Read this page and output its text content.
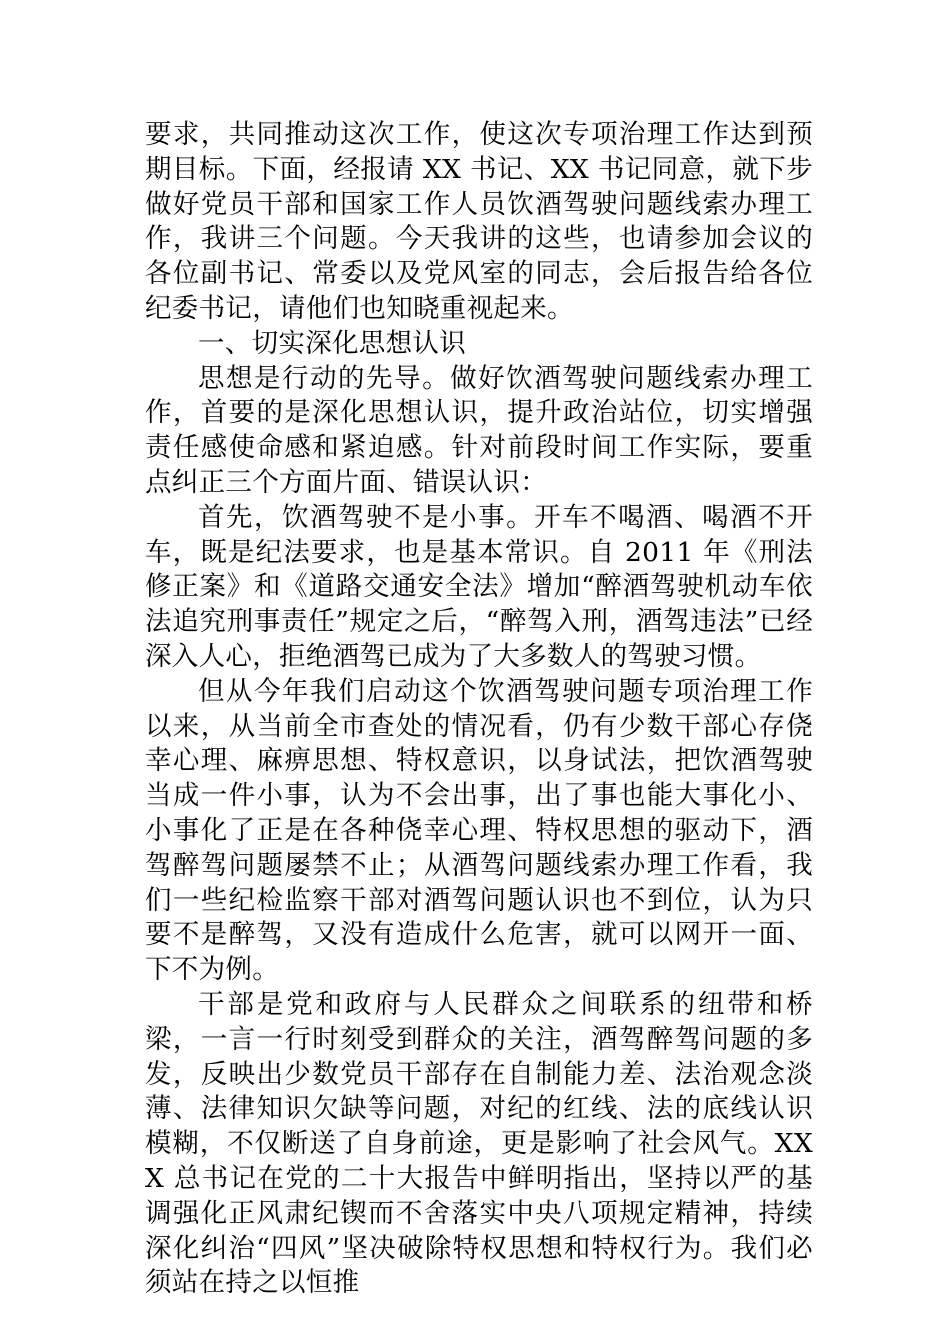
要求，共同推动这次工作，使这次专项治理工作达到预期目标。下面，经报请 XX 书记、XX 书记同意，就下步做好党员干部和国家工作人员饮酒驾驶问题线索办理工作，我讲三个问题。今天我讲的这些，也请参加会议的各位副书记、常委以及党风室的同志，会后报告给各位纪委书记，请他们也知晓重视起来。

一、切实深化思想认识

思想是行动的先导。做好饮酒驾驶问题线索办理工作，首要的是深化思想认识，提升政治站位，切实增强责任感使命感和紧迫感。针对前段时间工作实际，要重点纠正三个方面片面、错误认识：

首先，饮酒驾驶不是小事。开车不喝酒、喝酒不开车，既是纪法要求，也是基本常识。自 2011 年《刑法修正案》和《道路交通安全法》增加“醉酒驾驶机动车依法追究刑事责任”规定之后，“醉驾入刑，酒驾违法”已经深入人心，拒绝酒驾已成为了大多数人的驾驶习惯。

但从今年我们启动这个饮酒驾驶问题专项治理工作以来，从当前全市查处的情况看，仍有少数干部心存侥幸心理、麻痹思想、特权意识，以身试法，把饮酒驾驶当成一件小事，认为不会出事，出了事也能大事化小、小事化了正是在各种侥幸心理、特权思想的驱动下，酒驾醉驾问题屡禁不止；从酒驾问题线索办理工作看，我们一些纪检监察干部对酒驾问题认识也不到位，认为只要不是醉驾，又没有造成什么危害，就可以网开一面、下不为例。

干部是党和政府与人民群众之间联系的纽带和桥梁，一言一行时刻受到群众的关注，酒驾醉驾问题的多发，反映出少数党员干部存在自制能力差、法治观念淡薄、法律知识欠缺等问题，对纪的红线、法的底线认识模糊，不仅断送了自身前途，更是影响了社会风气。XXX 总书记在党的二十大报告中鲜明指出，坚持以严的基调强化正风肃纪锲而不舍落实中央八项规定精神，持续深化纠治“四风”坚决破除特权思想和特权行为。我们必须站在持之以恒推
